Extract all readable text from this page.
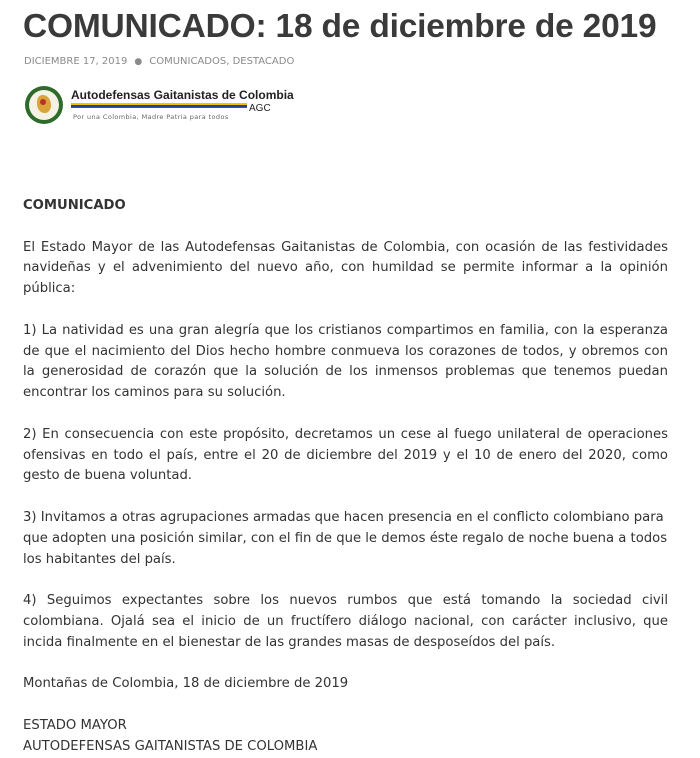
COMUNICADO: 18 de diciembre de 2019
DICIEMBRE 17, 2019 ● COMUNICADOS, DESTACADO
Autodefensas Gaitanistas de Colombia
AGC
Por una Colombia, Madre Patria para todos

COMUNICADO

El Estado Mayor de las Autodefensas Gaitanistas de Colombia, con ocasión de las festividades navideñas y el advenimiento del nuevo año, con humildad se permite informar a la opinión pública:

1) La natividad es una gran alegría que los cristianos compartimos en familia, con la esperanza de que el nacimiento del Dios hecho hombre conmueva los corazones de todos, y obremos con la generosidad de corazón que la solución de los inmensos problemas que tenemos puedan encontrar los caminos para su solución.

2) En consecuencia con este propósito, decretamos un cese al fuego unilateral de operaciones ofensivas en todo el país, entre el 20 de diciembre del 2019 y el 10 de enero del 2020, como gesto de buena voluntad.

3) Invitamos a otras agrupaciones armadas que hacen presencia en el conflicto colombiano para que adopten una posición similar, con el fin de que le demos éste regalo de noche buena a todos los habitantes del país.

4) Seguimos expectantes sobre los nuevos rumbos que está tomando la sociedad civil colombiana. Ojalá sea el inicio de un fructífero diálogo nacional, con carácter inclusivo, que incida finalmente en el bienestar de las grandes masas de desposeídos del país.

Montañas de Colombia, 18 de diciembre de 2019

ESTADO MAYOR

AUTODEFENSAS GAITANISTAS DE COLOMBIA
